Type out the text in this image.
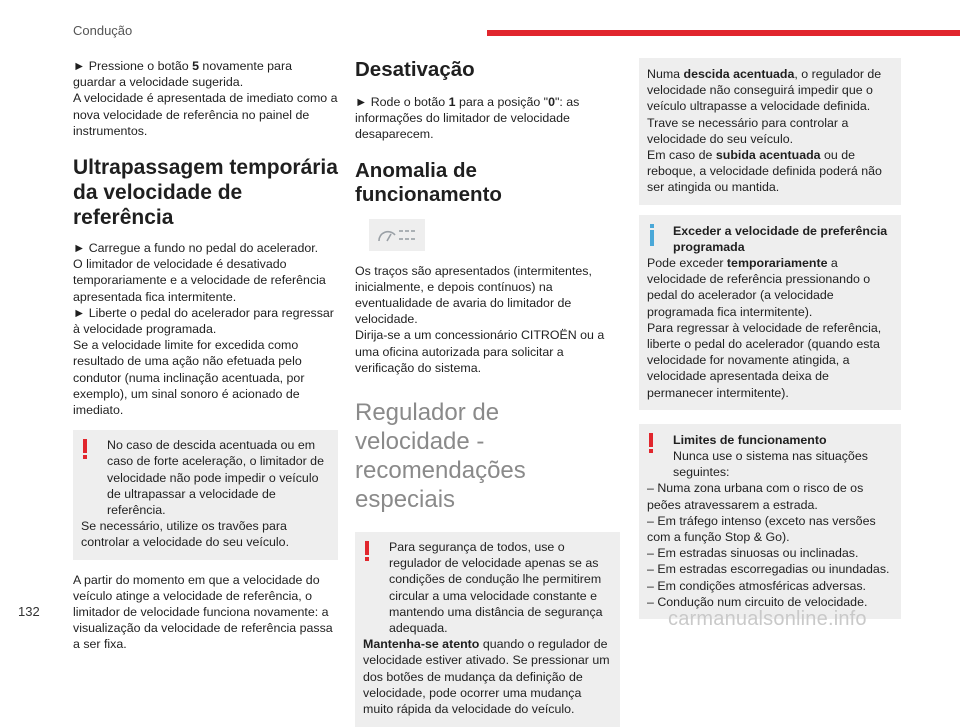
Condução

► Pressione o botão 5 novamente para guardar a velocidade sugerida.
A velocidade é apresentada de imediato como a nova velocidade de referência no painel de instrumentos.

Ultrapassagem temporária da velocidade de referência

► Carregue a fundo no pedal do acelerador.
O limitador de velocidade é desativado temporariamente e a velocidade de referência apresentada fica intermitente.
► Liberte o pedal do acelerador para regressar à velocidade programada.
Se a velocidade limite for excedida como resultado de uma ação não efetuada pelo condutor (numa inclinação acentuada, por exemplo), um sinal sonoro é acionado de imediato.

No caso de descida acentuada ou em caso de forte aceleração, o limitador de velocidade não pode impedir o veículo de ultrapassar a velocidade de referência.
Se necessário, utilize os travões para controlar a velocidade do seu veículo.

A partir do momento em que a velocidade do veículo atinge a velocidade de referência, o limitador de velocidade funciona novamente: a visualização da velocidade de referência passa a ser fixa.

Desativação

► Rode o botão 1 para a posição "0": as informações do limitador de velocidade desaparecem.

Anomalia de funcionamento

Os traços são apresentados (intermitentes, inicialmente, e depois contínuos) na eventualidade de avaria do limitador de velocidade.
Dirija-se a um concessionário CITROËN ou a uma oficina autorizada para solicitar a verificação do sistema.

Regulador de velocidade - recomendações especiais

Para segurança de todos, use o regulador de velocidade apenas se as condições de condução lhe permitirem circular a uma velocidade constante e mantendo uma distância de segurança adequada.
Mantenha-se atento quando o regulador de velocidade estiver ativado. Se pressionar um dos botões de mudança da definição de velocidade, pode ocorrer uma mudança muito rápida da velocidade do veículo.

Numa descida acentuada, o regulador de velocidade não conseguirá impedir que o veículo ultrapasse a velocidade definida. Trave se necessário para controlar a velocidade do seu veículo.
Em caso de subida acentuada ou de reboque, a velocidade definida poderá não ser atingida ou mantida.

Exceder a velocidade de preferência programada

Pode exceder temporariamente a velocidade de referência pressionando o pedal do acelerador (a velocidade programada fica intermitente).
Para regressar à velocidade de referência, liberte o pedal do acelerador (quando esta velocidade for novamente atingida, a velocidade apresentada deixa de permanecer intermitente).

Limites de funcionamento

Nunca use o sistema nas situações seguintes:

– Numa zona urbana com o risco de os peões atravessarem a estrada.
– Em tráfego intenso (exceto nas versões com a função Stop & Go).
– Em estradas sinuosas ou inclinadas.
– Em estradas escorregadias ou inundadas.
– Em condições atmosféricas adversas.
– Condução num circuito de velocidade.

132	carmanualsonline.info
